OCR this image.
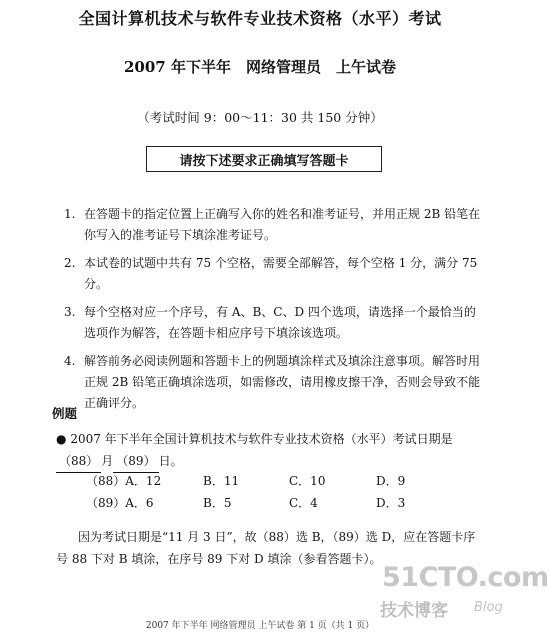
全国计算机技术与软件专业技术资格（水平）考试
2007 年下半年　网络管理员　上午试卷
（考试时间 9：00～11：30 共 150 分钟）
请按下述要求正确填写答题卡
1. 在答题卡的指定位置上正确写入你的姓名和准考证号，并用正规 2B 铅笔在你写入的准考证号下填涂准考证号。
2. 本试卷的试题中共有 75 个空格，需要全部解答，每个空格 1 分，满分 75 分。
3. 每个空格对应一个序号，有 A、B、C、D 四个选项，请选择一个最恰当的选项作为解答，在答题卡相应序号下填涂该选项。
4. 解答前务必阅读例题和答题卡上的例题填涂样式及填涂注意事项。解答时用正规 2B 铅笔正确填涂选项，如需修改，请用橡皮擦干净，否则会导致不能正确评分。
例题
● 2007 年下半年全国计算机技术与软件专业技术资格（水平）考试日期是
（88） 月 （89） 日。
（88）A．12	B．11	C．10	D．9
（89）A．6	B．5	C．4	D．3
因为考试日期是“11 月 3 日”，故（88）选 B，（89）选 D，应在答题卡序号 88 下对 B 填涂，在序号 89 下对 D 填涂（参看答题卡）。
51CTO.com
技术博客 Blog
2007 年下半年 网络管理员 上午试卷 第 1 页（共 1 页）
